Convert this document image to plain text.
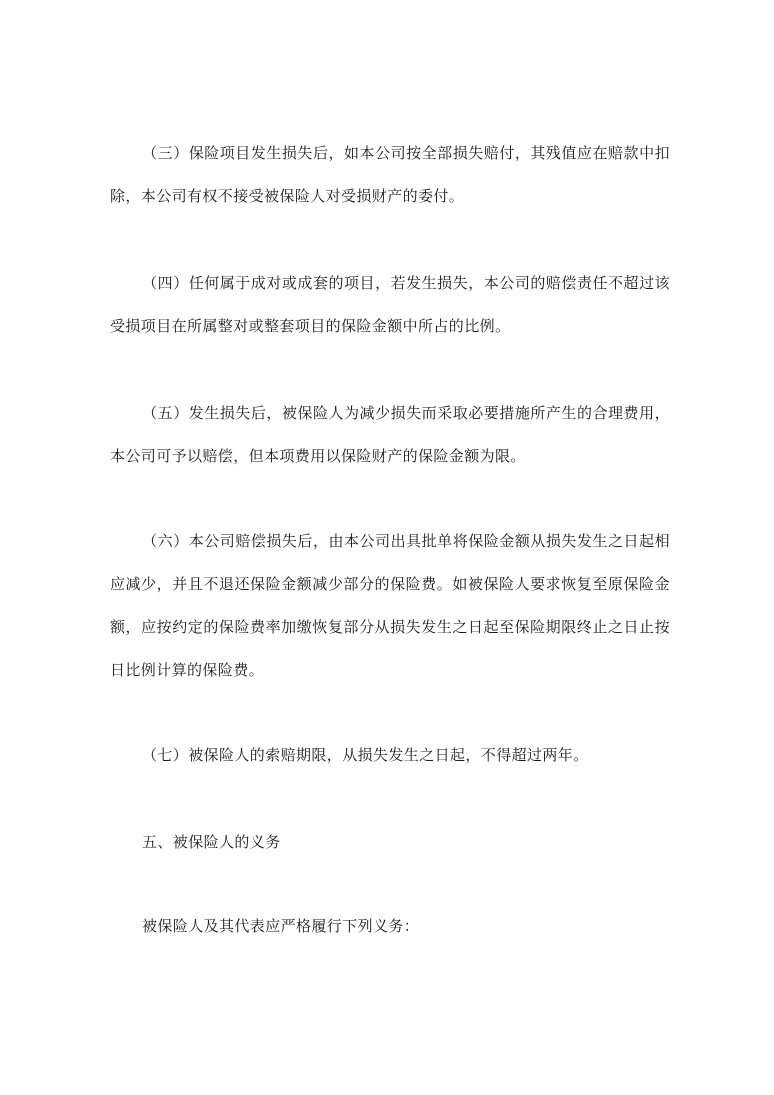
（三）保险项目发生损失后，如本公司按全部损失赔付，其残值应在赔款中扣除，本公司有权不接受被保险人对受损财产的委付。

（四）任何属于成对或成套的项目，若发生损失，本公司的赔偿责任不超过该受损项目在所属整对或整套项目的保险金额中所占的比例。

（五）发生损失后，被保险人为减少损失而采取必要措施所产生的合理费用，本公司可予以赔偿，但本项费用以保险财产的保险金额为限。

（六）本公司赔偿损失后，由本公司出具批单将保险金额从损失发生之日起相应减少，并且不退还保险金额减少部分的保险费。如被保险人要求恢复至原保险金额，应按约定的保险费率加缴恢复部分从损失发生之日起至保险期限终止之日止按日比例计算的保险费。

（七）被保险人的索赔期限，从损失发生之日起，不得超过两年。

五、被保险人的义务

被保险人及其代表应严格履行下列义务：
